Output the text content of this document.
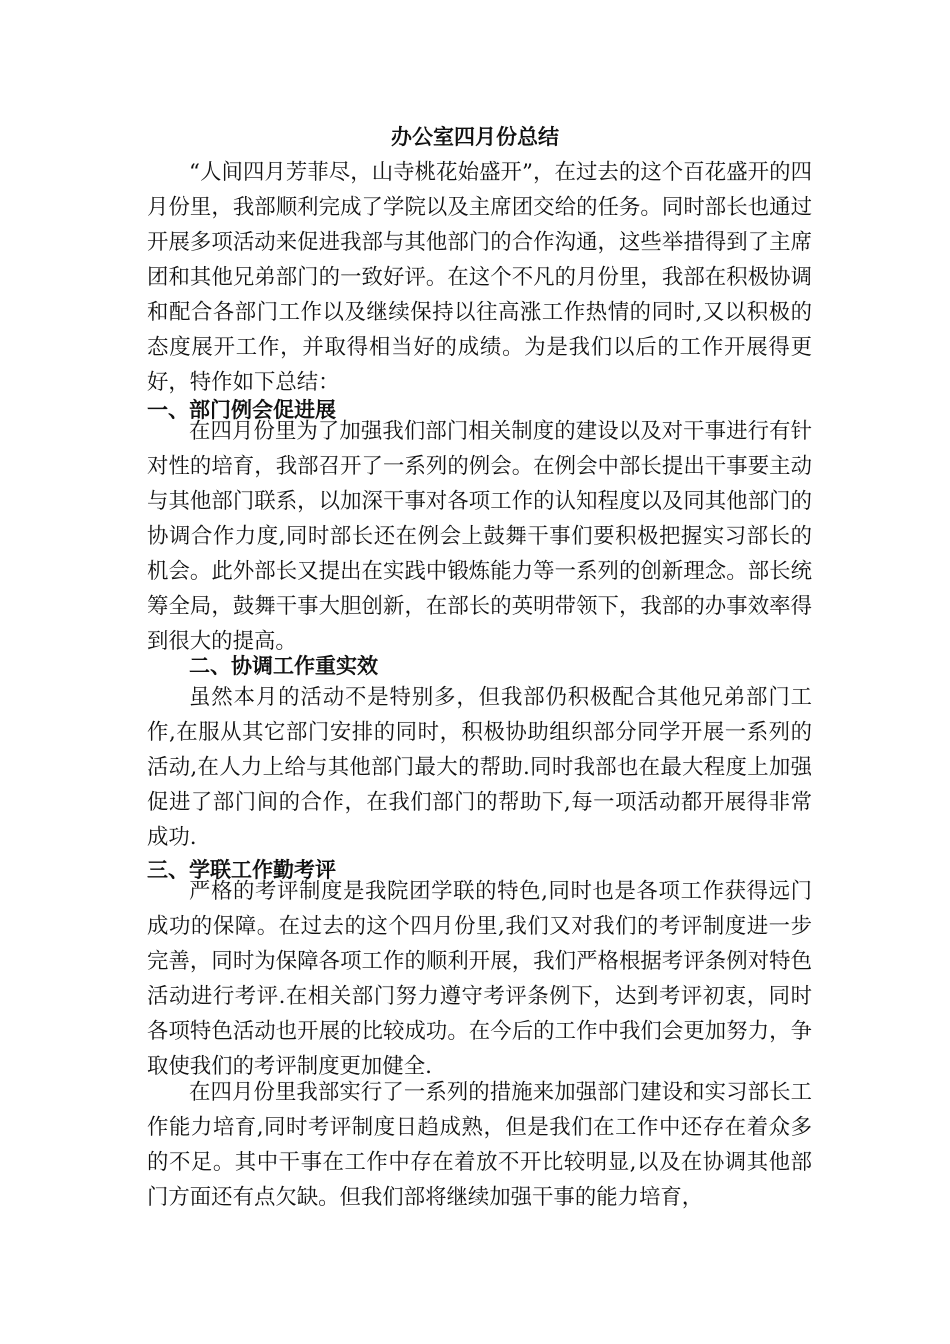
办公室四月份总结

“人间四月芳菲尽，山寺桃花始盛开”，在过去的这个百花盛开的四月份里，我部顺利完成了学院以及主席团交给的任务。同时部长也通过开展多项活动来促进我部与其他部门的合作沟通，这些举措得到了主席团和其他兄弟部门的一致好评。在这个不凡的月份里，我部在积极协调和配合各部门工作以及继续保持以往高涨工作热情的同时,又以积极的态度展开工作，并取得相当好的成绩。为是我们以后的工作开展得更好，特作如下总结：

一、部门例会促进展

在四月份里为了加强我们部门相关制度的建设以及对干事进行有针对性的培育，我部召开了一系列的例会。在例会中部长提出干事要主动与其他部门联系，以加深干事对各项工作的认知程度以及同其他部门的协调合作力度,同时部长还在例会上鼓舞干事们要积极把握实习部长的机会。此外部长又提出在实践中锻炼能力等一系列的创新理念。部长统筹全局，鼓舞干事大胆创新，在部长的英明带领下，我部的办事效率得到很大的提高。

二、协调工作重实效

虽然本月的活动不是特别多，但我部仍积极配合其他兄弟部门工作,在服从其它部门安排的同时，积极协助组织部分同学开展一系列的活动,在人力上给与其他部门最大的帮助.同时我部也在最大程度上加强促进了部门间的合作，在我们部门的帮助下,每一项活动都开展得非常成功.

三、学联工作勤考评

严格的考评制度是我院团学联的特色,同时也是各项工作获得远门成功的保障。在过去的这个四月份里,我们又对我们的考评制度进一步完善，同时为保障各项工作的顺利开展，我们严格根据考评条例对特色活动进行考评.在相关部门努力遵守考评条例下，达到考评初衷，同时各项特色活动也开展的比较成功。在今后的工作中我们会更加努力，争取使我们的考评制度更加健全.

在四月份里我部实行了一系列的措施来加强部门建设和实习部长工作能力培育,同时考评制度日趋成熟，但是我们在工作中还存在着众多的不足。其中干事在工作中存在着放不开比较明显,以及在协调其他部门方面还有点欠缺。但我们部将继续加强干事的能力培育，
